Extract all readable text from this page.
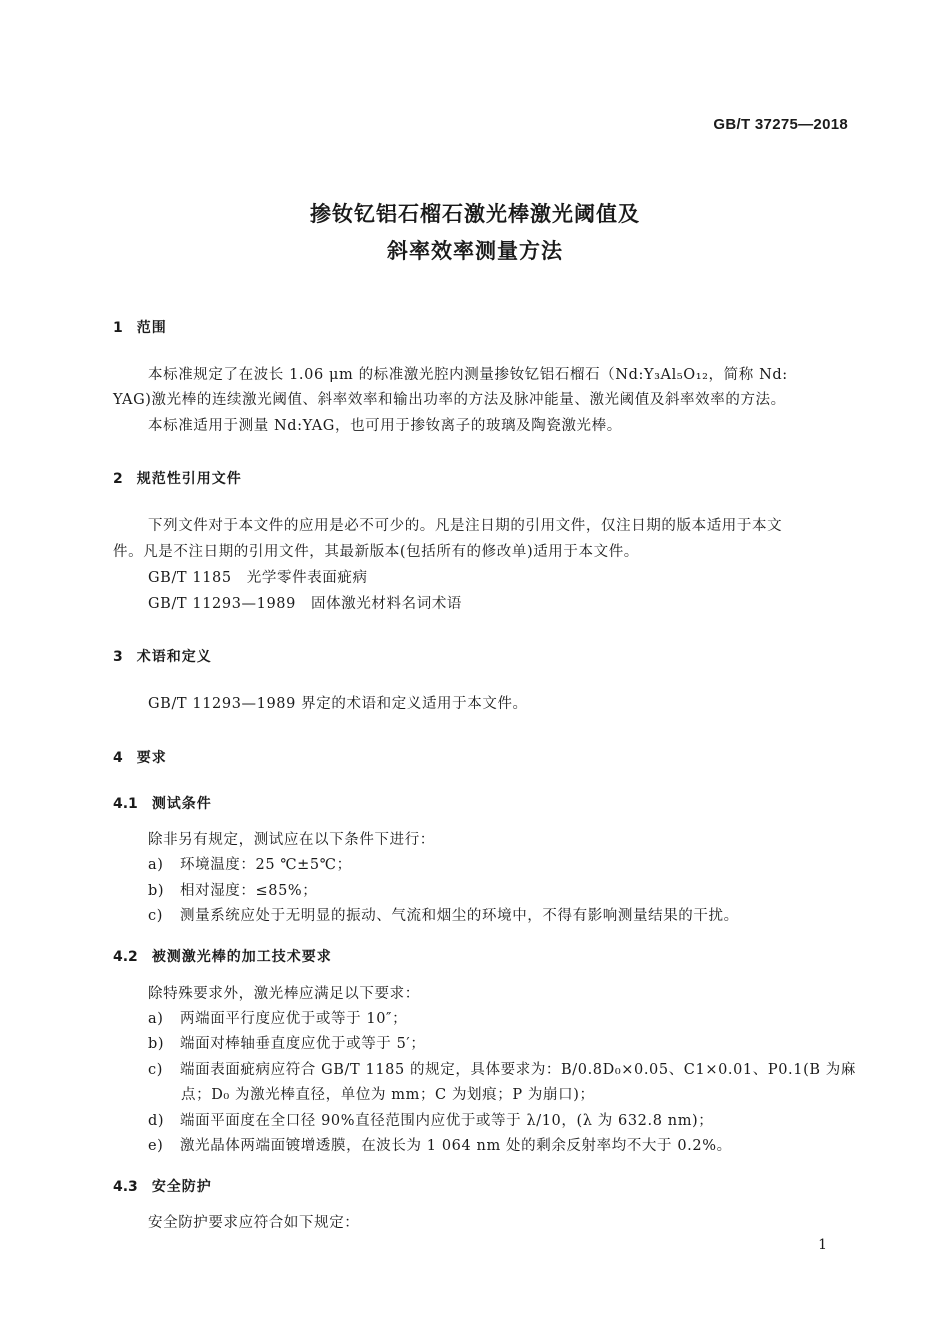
GB/T 37275—2018
掺钕钇铝石榴石激光棒激光阈值及
斜率效率测量方法
1 范围
本标准规定了在波长 1.06 μm 的标准激光腔内测量掺钕钇铝石榴石（Nd:Y₃Al₅O₁₂，简称 Nd:
YAG)激光棒的连续激光阈值、斜率效率和输出功率的方法及脉冲能量、激光阈值及斜率效率的方法。
本标准适用于测量 Nd:YAG，也可用于掺钕离子的玻璃及陶瓷激光棒。
2 规范性引用文件
下列文件对于本文件的应用是必不可少的。凡是注日期的引用文件，仅注日期的版本适用于本文
件。凡是不注日期的引用文件，其最新版本(包括所有的修改单)适用于本文件。
GB/T 1185　光学零件表面疵病
GB/T 11293—1989　固体激光材料名词术语
3 术语和定义
GB/T 11293—1989 界定的术语和定义适用于本文件。
4 要求
4.1 测试条件
除非另有规定，测试应在以下条件下进行：
a) 环境温度：25 ℃±5℃；
b) 相对湿度：≤85%；
c) 测量系统应处于无明显的振动、气流和烟尘的环境中，不得有影响测量结果的干扰。
4.2 被测激光棒的加工技术要求
除特殊要求外，激光棒应满足以下要求：
a) 两端面平行度应优于或等于 10″；
b) 端面对棒轴垂直度应优于或等于 5′；
c) 端面表面疵病应符合 GB/T 1185 的规定，具体要求为：B/0.8D₀×0.05、C1×0.01、P0.1(B 为麻
点；D₀ 为激光棒直径，单位为 mm；C 为划痕；P 为崩口)；
d) 端面平面度在全口径 90%直径范围内应优于或等于 λ/10，(λ 为 632.8 nm)；
e) 激光晶体两端面镀增透膜，在波长为 1 064 nm 处的剩余反射率均不大于 0.2%。
4.3 安全防护
安全防护要求应符合如下规定：
1
